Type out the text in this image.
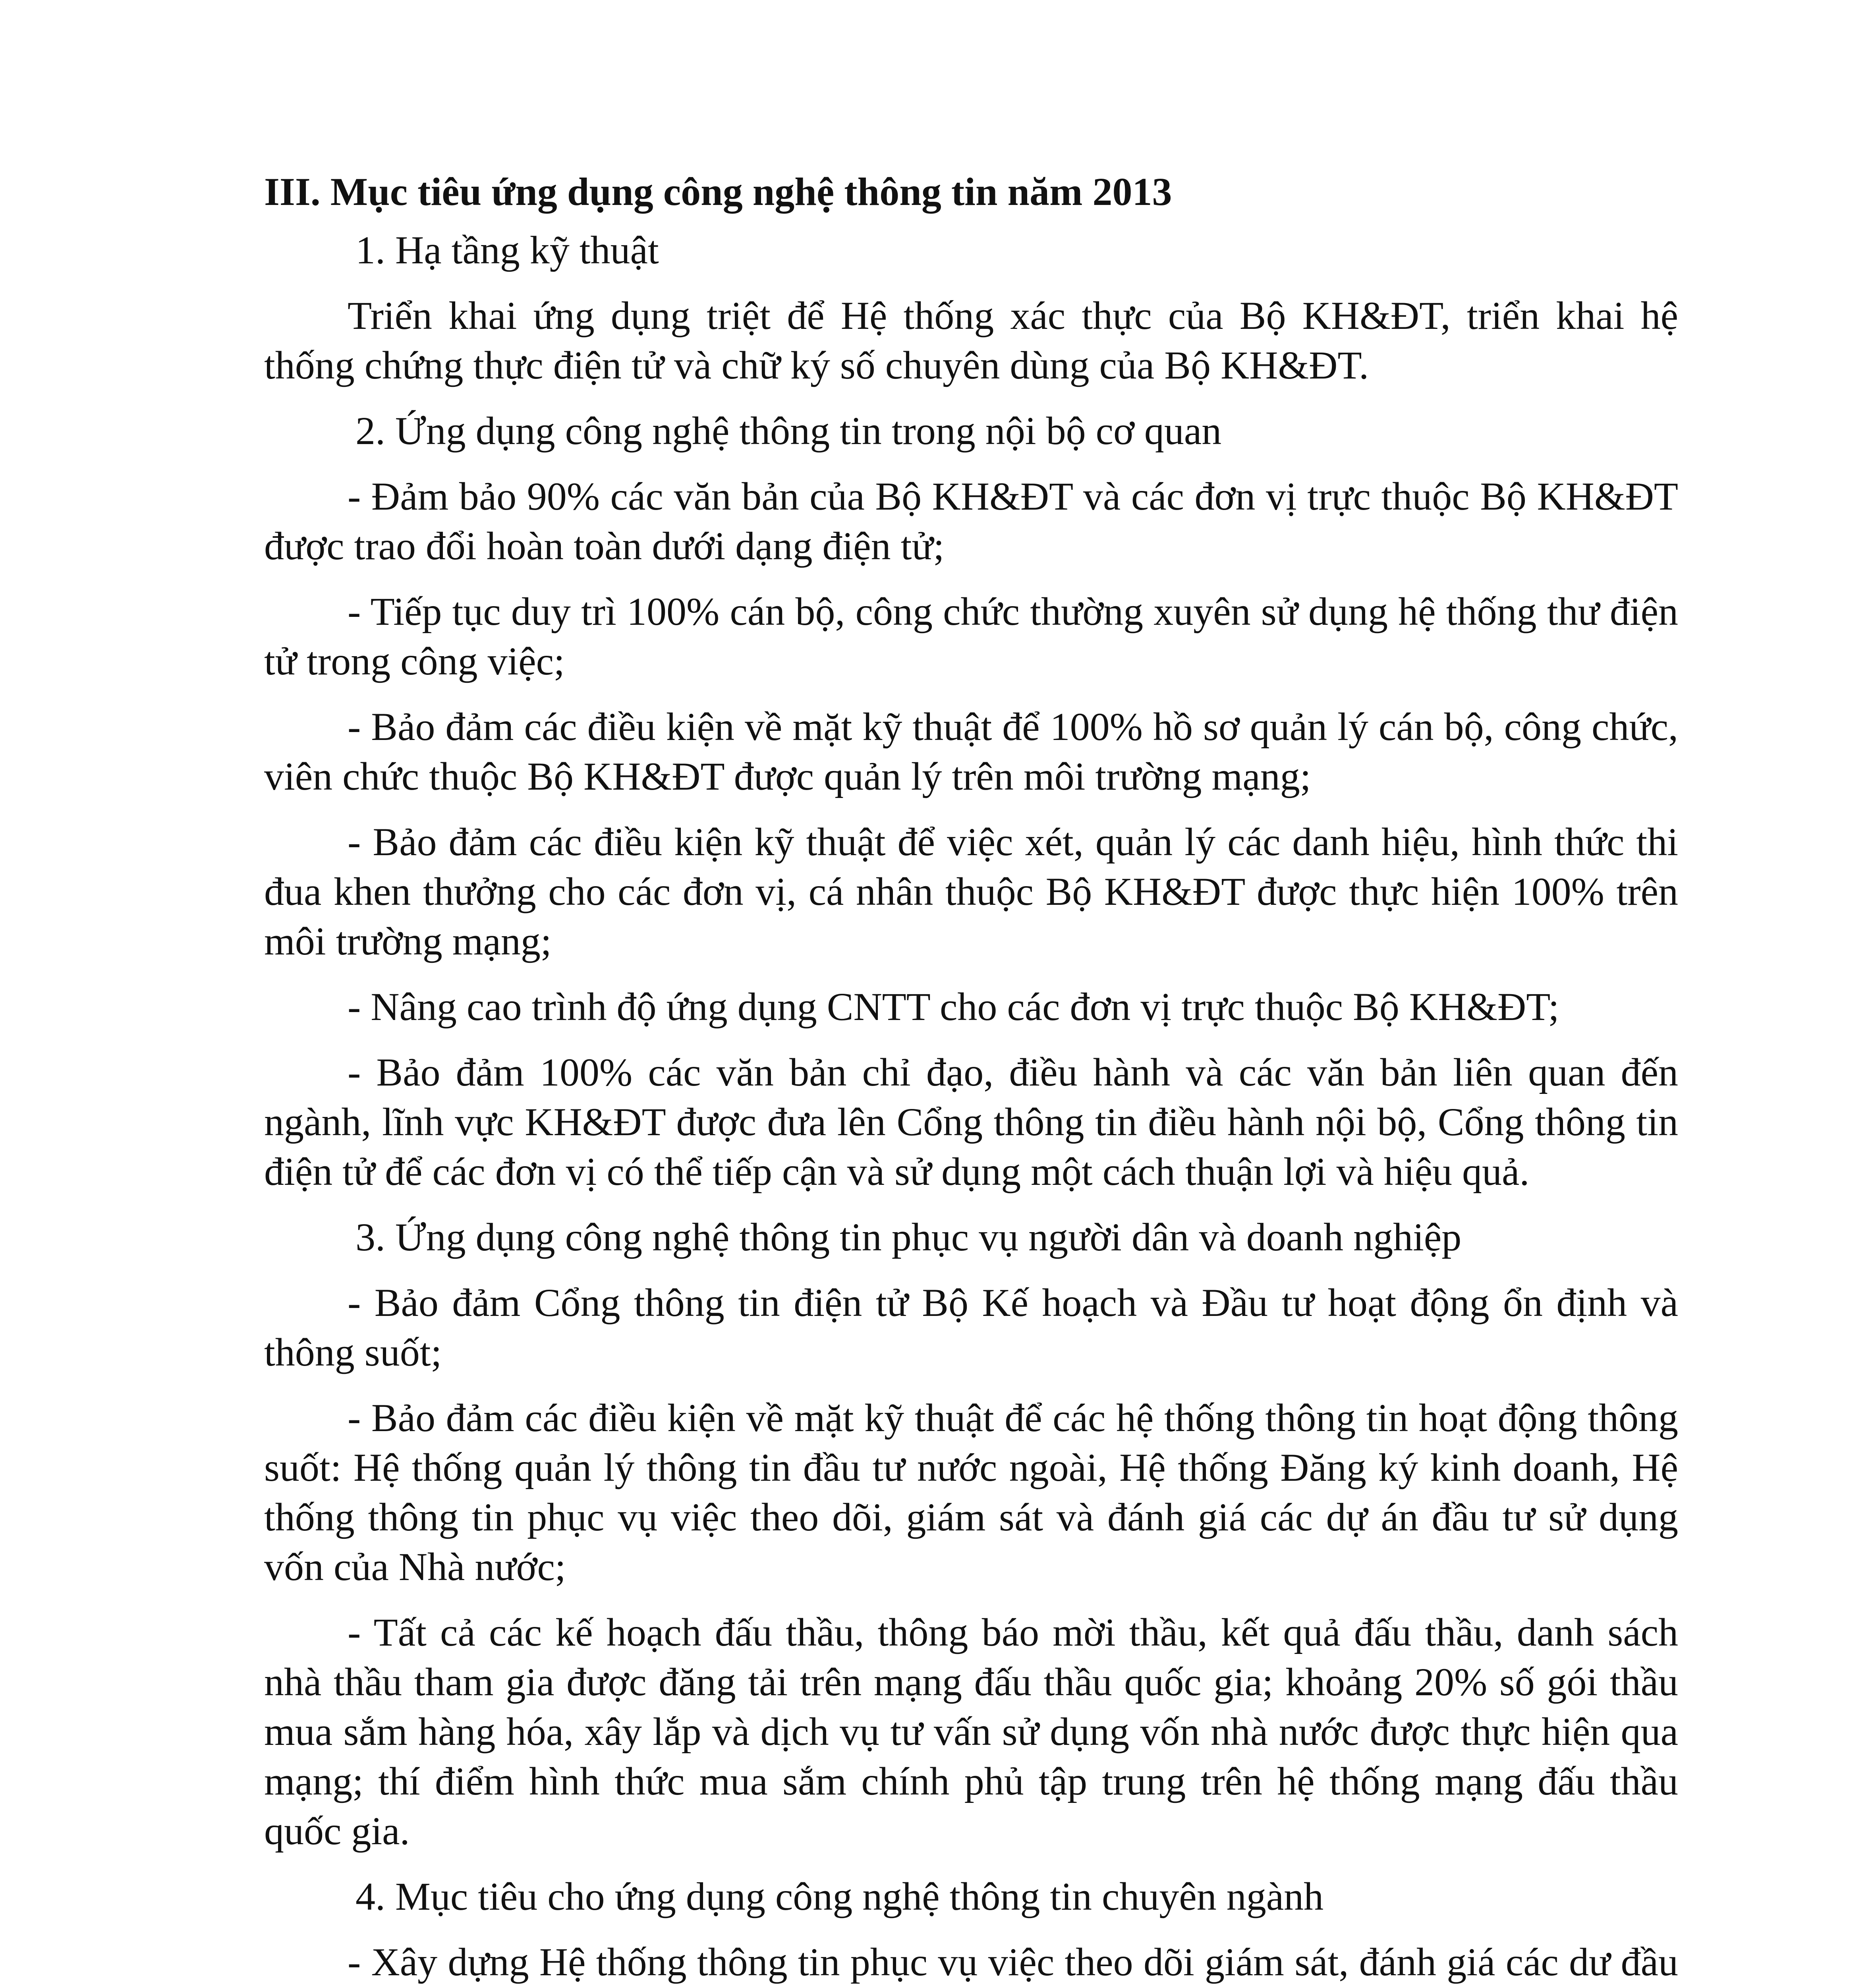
III. Mục tiêu ứng dụng công nghệ thông tin năm 2013
1. Hạ tầng kỹ thuật
Triển khai ứng dụng triệt để Hệ thống xác thực của Bộ KH&ĐT, triển khai hệ thống chứng thực điện tử và chữ ký số chuyên dùng của Bộ KH&ĐT.
2. Ứng dụng công nghệ thông tin trong nội bộ cơ quan
- Đảm bảo 90% các văn bản của Bộ KH&ĐT và các đơn vị trực thuộc Bộ KH&ĐT được trao đổi hoàn toàn dưới dạng điện tử;
- Tiếp tục duy trì 100% cán bộ, công chức thường xuyên sử dụng hệ thống thư điện tử trong công việc;
- Bảo đảm các điều kiện về mặt kỹ thuật để 100% hồ sơ quản lý cán bộ, công chức, viên chức thuộc Bộ KH&ĐT được quản lý trên môi trường mạng;
- Bảo đảm các điều kiện kỹ thuật để việc xét, quản lý các danh hiệu, hình thức thi đua khen thưởng cho các đơn vị, cá nhân thuộc Bộ KH&ĐT được thực hiện 100% trên môi trường mạng;
- Nâng cao trình độ ứng dụng CNTT cho các đơn vị trực thuộc Bộ KH&ĐT;
- Bảo đảm 100% các văn bản chỉ đạo, điều hành và các văn bản liên quan đến ngành, lĩnh vực KH&ĐT được đưa lên Cổng thông tin điều hành nội bộ, Cổng thông tin điện tử để các đơn vị có thể tiếp cận và sử dụng một cách thuận lợi và hiệu quả.
3. Ứng dụng công nghệ thông tin phục vụ người dân và doanh nghiệp
- Bảo đảm Cổng thông tin điện tử Bộ Kế hoạch và Đầu tư hoạt động ổn định và thông suốt;
- Bảo đảm các điều kiện về mặt kỹ thuật để các hệ thống thông tin hoạt động thông suốt: Hệ thống quản lý thông tin đầu tư nước ngoài, Hệ thống Đăng ký kinh doanh, Hệ thống thông tin phục vụ việc theo dõi, giám sát và đánh giá các dự án đầu tư sử dụng vốn của Nhà nước;
- Tất cả các kế hoạch đấu thầu, thông báo mời thầu, kết quả đấu thầu, danh sách nhà thầu tham gia được đăng tải trên mạng đấu thầu quốc gia; khoảng 20% số gói thầu mua sắm hàng hóa, xây lắp và dịch vụ tư vấn sử dụng vốn nhà nước được thực hiện qua mạng; thí điểm hình thức mua sắm chính phủ tập trung trên hệ thống mạng đấu thầu quốc gia.
4. Mục tiêu cho ứng dụng công nghệ thông tin chuyên ngành
- Xây dựng Hệ thống thông tin phục vụ việc theo dõi giám sát, đánh giá các dư đầu
